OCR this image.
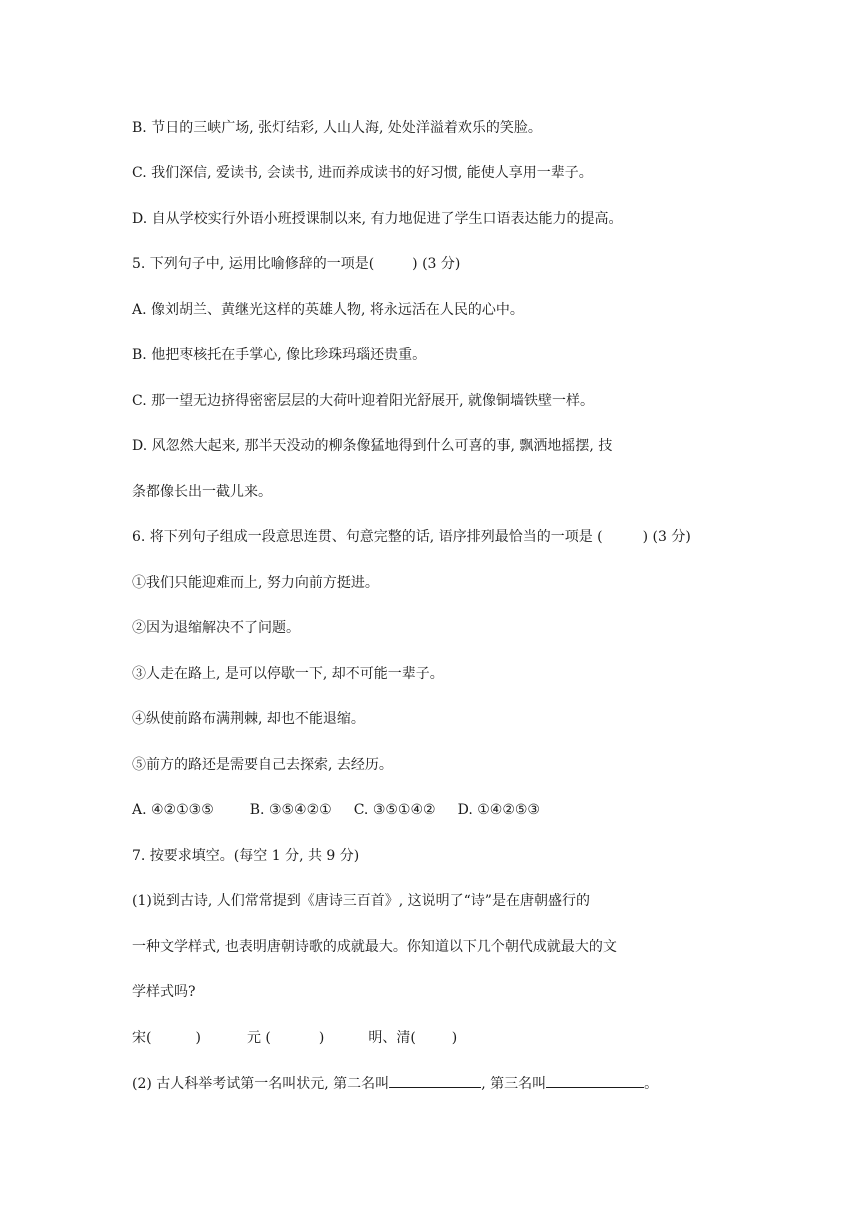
B. 节日的三峡广场, 张灯结彩, 人山人海, 处处洋溢着欢乐的笑脸。
C. 我们深信, 爱读书, 会读书, 进而养成读书的好习惯, 能使人享用一辈子。
D. 自从学校实行外语小班授课制以来, 有力地促进了学生口语表达能力的提高。
5. 下列句子中, 运用比喻修辞的一项是(	) (3 分)
A. 像刘胡兰、黄继光这样的英雄人物, 将永远活在人民的心中。
B. 他把枣核托在手掌心, 像比珍珠玛瑙还贵重。
C. 那一望无边挤得密密层层的大荷叶迎着阳光舒展开, 就像铜墙铁壁一样。
D. 风忽然大起来, 那半天没动的柳条像猛地得到什么可喜的事, 飘洒地摇摆, 技
条都像长出一截儿来。
6. 将下列句子组成一段意思连贯、句意完整的话, 语序排列最恰当的一项是 (	) (3 分)
①我们只能迎难而上, 努力向前方挺进。
②因为退缩解决不了问题。
③人走在路上, 是可以停歇一下, 却不可能一辈子。
④纵使前路布满荆棘, 却也不能退缩。
⑤前方的路还是需要自己去探索, 去经历。
A. ④②①③⑤	B. ③⑤④②① C. ③⑤①④② D. ①④②⑤③
7. 按要求填空。(每空 1 分, 共 9 分)
(1)说到古诗, 人们常常提到《唐诗三百首》, 这说明了“诗”是在唐朝盛行的
一种文学样式, 也表明唐朝诗歌的成就最大。你知道以下几个朝代成就最大的文
学样式吗?
宋(	)	元 (	)	明、清(	)
(2) 古人科举考试第一名叫状元, 第二名叫	, 第三名叫	。
